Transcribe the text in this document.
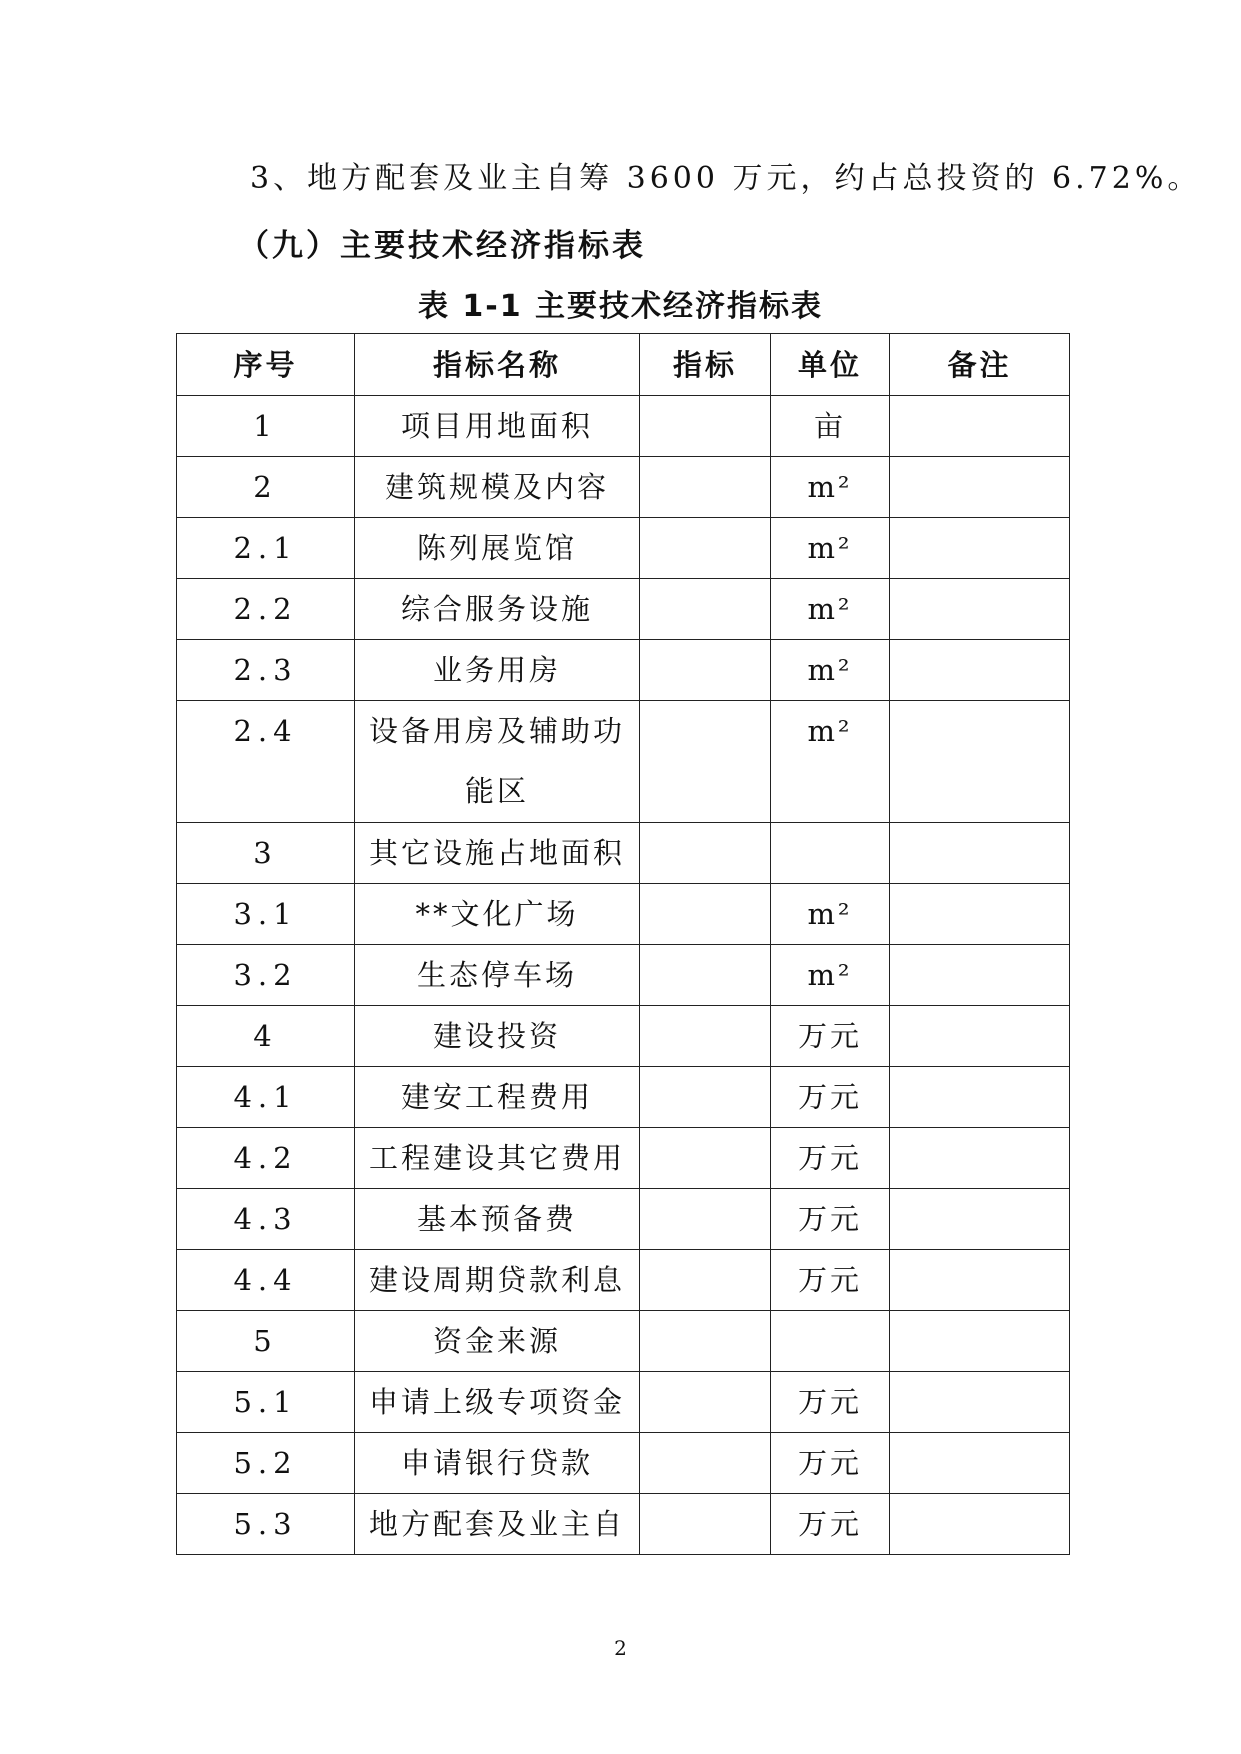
3、地方配套及业主自筹 3600 万元，约占总投资的 6.72%。
（九）主要技术经济指标表
表 1-1 主要技术经济指标表
序号	指标名称	指标	单位	备注
1	项目用地面积		亩	
2	建筑规模及内容		m²	
2.1	陈列展览馆		m²	
2.2	综合服务设施		m²	
2.3	业务用房		m²	
2.4	设备用房及辅助功能区		m²	
3	其它设施占地面积			
3.1	**文化广场		m²	
3.2	生态停车场		m²	
4	建设投资		万元	
4.1	建安工程费用		万元	
4.2	工程建设其它费用		万元	
4.3	基本预备费		万元	
4.4	建设周期贷款利息		万元	
5	资金来源			
5.1	申请上级专项资金		万元	
5.2	申请银行贷款		万元	
5.3	地方配套及业主自		万元	
2
